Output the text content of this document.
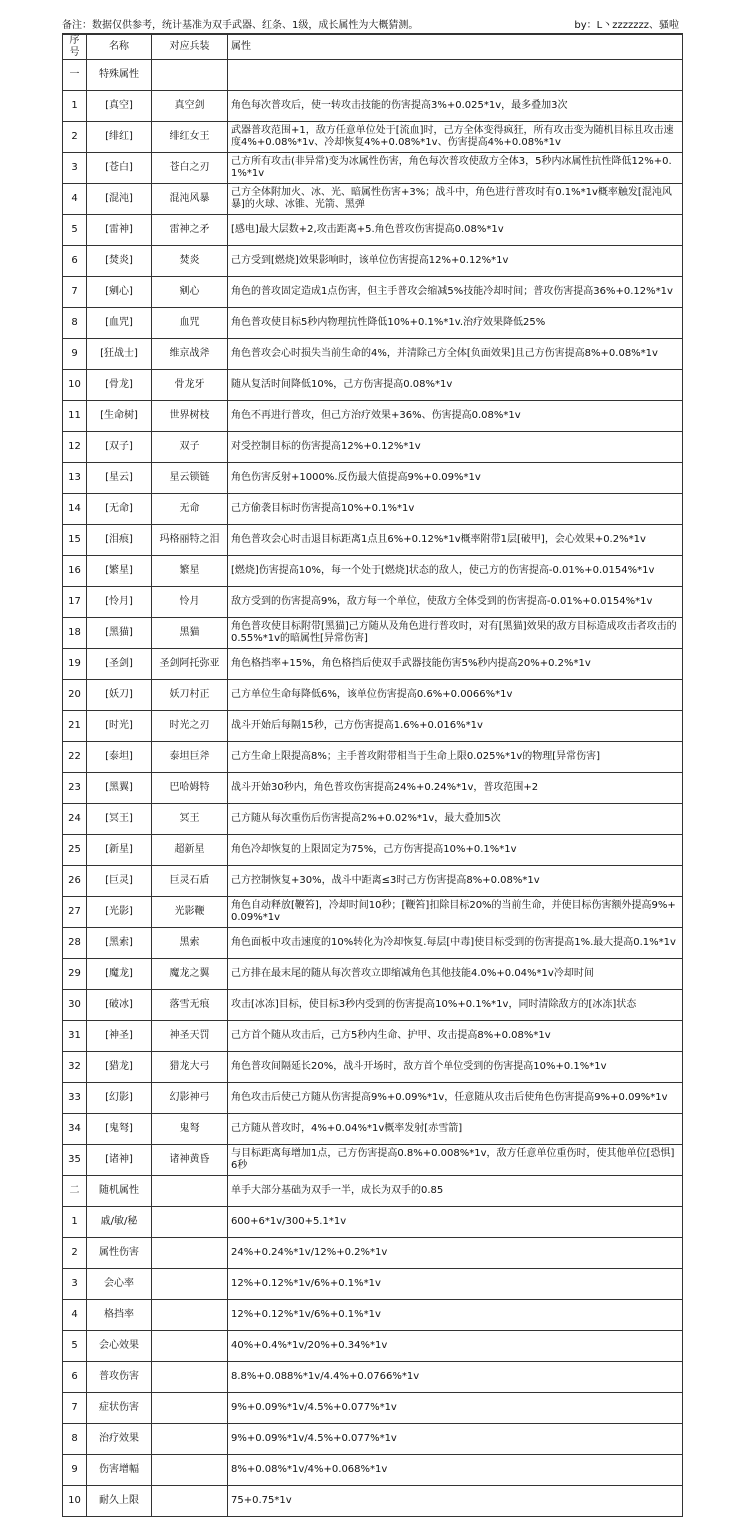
备注：数据仅供参考，统计基准为双手武器、红条、1级，成长属性为大概猜测。	by：L丶zzzzzzz、骚啦
序号	名称	对应兵装	属性
一	特殊属性		
1	[真空]	真空剑	角色每次普攻后，使一转攻击技能的伤害提高3%+0.025*1v，最多叠加3次
2	[绯红]	绯红女王	武器普攻范围+1，敌方任意单位处于[流血]时，己方全体变得疯狂，所有攻击变为随机目标且攻击速度4%+0.08%*1v、冷却恢复4%+0.08%*1v、伤害提高4%+0.08%*1v
3	[苍白]	苍白之刃	己方所有攻击(非异常)变为冰属性伤害，角色每次普攻使敌方全体3，5秒内冰属性抗性降低12%+0.1%*1v
4	[混沌]	混沌风暴	己方全体附加火、冰、光、暗属性伤害+3%；战斗中，角色进行普攻时有0.1%*1v概率触发[混沌风暴]的火球、冰锥、光箭、黑弹
5	[雷神]	雷神之矛	[感电]最大层数+2,攻击距离+5.角色普攻伤害提高0.08%*1v
6	[焚炎]	焚炎	己方受到[燃烧]效果影响时，该单位伤害提高12%+0.12%*1v
7	[剜心]	剜心	角色的普攻固定造成1点伤害，但主手普攻会缩减5%技能冷却时间；普攻伤害提高36%+0.12%*1v
8	[血咒]	血咒	角色普攻使目标5秒内物理抗性降低10%+0.1%*1v.治疗效果降低25%
9	[狂战士]	维京战斧	角色普攻会心时损失当前生命的4%，并清除己方全体[负面效果]且己方伤害提高8%+0.08%*1v
10	[骨龙]	骨龙牙	随从复活时间降低10%，己方伤害提高0.08%*1v
11	[生命树]	世界树枝	角色不再进行普攻，但己方治疗效果+36%、伤害提高0.08%*1v
12	[双子]	双子	对受控制目标的伤害提高12%+0.12%*1v
13	[星云]	星云锁链	角色伤害反射+1000%.反伤最大值提高9%+0.09%*1v
14	[无命]	无命	己方偷袭目标时伤害提高10%+0.1%*1v
15	[泪痕]	玛格丽特之泪	角色普攻会心时击退目标距离1点且6%+0.12%*1v概率附带1层[破甲]，会心效果+0.2%*1v
16	[繁星]	繁星	[燃烧]伤害提高10%，每一个处于[燃烧]状态的敌人，使己方的伤害提高-0.01%+0.0154%*1v
17	[怜月]	怜月	敌方受到的伤害提高9%，敌方每一个单位，使敌方全体受到的伤害提高-0.01%+0.0154%*1v
18	[黑猫]	黑猫	角色普攻使目标附带[黑猫]己方随从及角色进行普攻时，对有[黑猫]效果的敌方目标造成攻击者攻击的0.55%*1v的暗属性[异常伤害]
19	[圣剑]	圣剑阿托弥亚	角色格挡率+15%，角色格挡后使双手武器技能伤害5%秒内提高20%+0.2%*1v
20	[妖刀]	妖刀村正	己方单位生命每降低6%，该单位伤害提高0.6%+0.0066%*1v
21	[时光]	时光之刃	战斗开始后每隔15秒，己方伤害提高1.6%+0.016%*1v
22	[泰坦]	泰坦巨斧	己方生命上限提高8%；主手普攻附带相当于生命上限0.025%*1v的物理[异常伤害]
23	[黑翼]	巴哈姆特	战斗开始30秒内，角色普攻伤害提高24%+0.24%*1v，普攻范围+2
24	[冥王]	冥王	己方随从每次重伤后伤害提高2%+0.02%*1v，最大叠加5次
25	[新星]	超新星	角色冷却恢复的上限固定为75%，己方伤害提高10%+0.1%*1v
26	[巨灵]	巨灵石盾	己方控制恢复+30%，战斗中距离≤3时己方伤害提高8%+0.08%*1v
27	[光影]	光影鞭	角色自动释放[鞭笞]，冷却时间10秒；[鞭笞]扣除目标20%的当前生命，并使目标伤害额外提高9%+0.09%*1v
28	[黑索]	黑索	角色面板中攻击速度的10%转化为冷却恢复.每层[中毒]使目标受到的伤害提高1%.最大提高0.1%*1v
29	[魔龙]	魔龙之翼	己方排在最末尾的随从每次普攻立即缩减角色其他技能4.0%+0.04%*1v冷却时间
30	[破冰]	落雪无痕	攻击[冰冻]目标，使目标3秒内受到的伤害提高10%+0.1%*1v，同时清除敌方的[冰冻]状态
31	[神圣]	神圣天罚	己方首个随从攻击后，己方5秒内生命、护甲、攻击提高8%+0.08%*1v
32	[猎龙]	猎龙大弓	角色普攻间隔延长20%，战斗开场时，敌方首个单位受到的伤害提高10%+0.1%*1v
33	[幻影]	幻影神弓	角色攻击后使己方随从伤害提高9%+0.09%*1v，任意随从攻击后使角色伤害提高9%+0.09%*1v
34	[鬼弩]	鬼弩	己方随从普攻时，4%+0.04%*1v概率发射[赤雪箭]
35	[诸神]	诸神黄昏	与目标距离每增加1点，己方伤害提高0.8%+0.008%*1v，敌方任意单位重伤时，使其他单位[恐惧]6秒
二	随机属性		单手大部分基础为双手一半，成长为双手的0.85
1	戚/敏/秘		600+6*1v/300+5.1*1v
2	属性伤害		24%+0.24%*1v/12%+0.2%*1v
3	会心率		12%+0.12%*1v/6%+0.1%*1v
4	格挡率		12%+0.12%*1v/6%+0.1%*1v
5	会心效果		40%+0.4%*1v/20%+0.34%*1v
6	普攻伤害		8.8%+0.088%*1v/4.4%+0.0766%*1v
7	症状伤害		9%+0.09%*1v/4.5%+0.077%*1v
8	治疗效果		9%+0.09%*1v/4.5%+0.077%*1v
9	伤害增幅		8%+0.08%*1v/4%+0.068%*1v
10	耐久上限		75+0.75*1v
